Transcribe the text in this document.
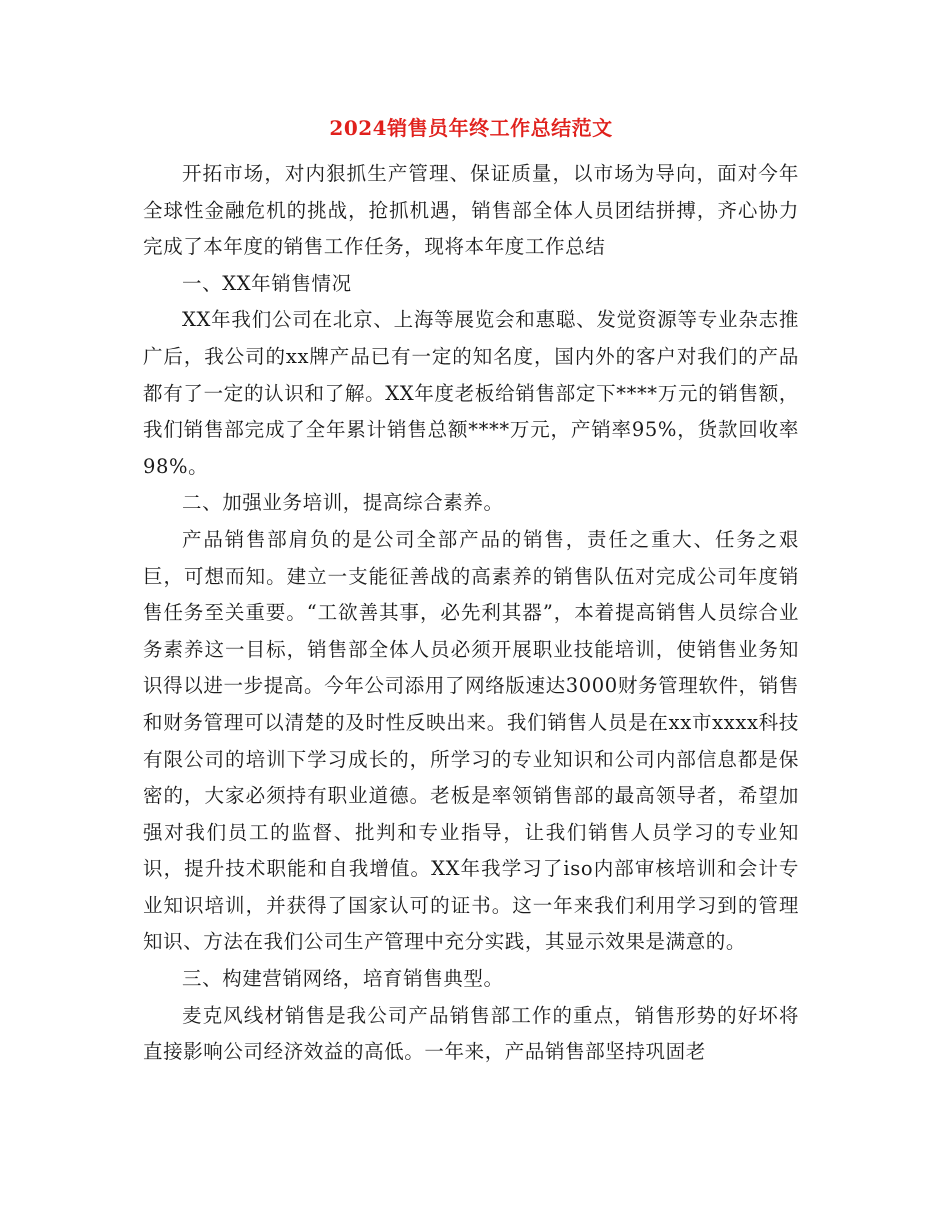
2024销售员年终工作总结范文

开拓市场，对内狠抓生产管理、保证质量，以市场为导向，面对今年全球性金融危机的挑战，抢抓机遇，销售部全体人员团结拼搏，齐心协力完成了本年度的销售工作任务，现将本年度工作总结

一、XX年销售情况

XX年我们公司在北京、上海等展览会和惠聪、发觉资源等专业杂志推广后，我公司的xx牌产品已有一定的知名度，国内外的客户对我们的产品都有了一定的认识和了解。XX年度老板给销售部定下****万元的销售额，我们销售部完成了全年累计销售总额****万元，产销率95%，货款回收率 98%。

二、加强业务培训，提高综合素养。

产品销售部肩负的是公司全部产品的销售，责任之重大、任务之艰巨，可想而知。建立一支能征善战的高素养的销售队伍对完成公司年度销售任务至关重要。“工欲善其事，必先利其器”，本着提高销售人员综合业务素养这一目标，销售部全体人员必须开展职业技能培训，使销售业务知识得以进一步提高。今年公司添用了网络版速达3000财务管理软件，销售和财务管理可以清楚的及时性反映出来。我们销售人员是在xx市xxxx科技有限公司的培训下学习成长的，所学习的专业知识和公司内部信息都是保密的，大家必须持有职业道德。老板是率领销售部的最高领导者，希望加强对我们员工的监督、批判和专业指导，让我们销售人员学习的专业知识，提升技术职能和自我增值。XX年我学习了iso内部审核培训和会计专业知识培训，并获得了国家认可的证书。这一年来我们利用学习到的管理知识、方法在我们公司生产管理中充分实践，其显示效果是满意的。

三、构建营销网络，培育销售典型。

麦克风线材销售是我公司产品销售部工作的重点，销售形势的好坏将直接影响公司经济效益的高低。一年来，产品销售部坚持巩固老
